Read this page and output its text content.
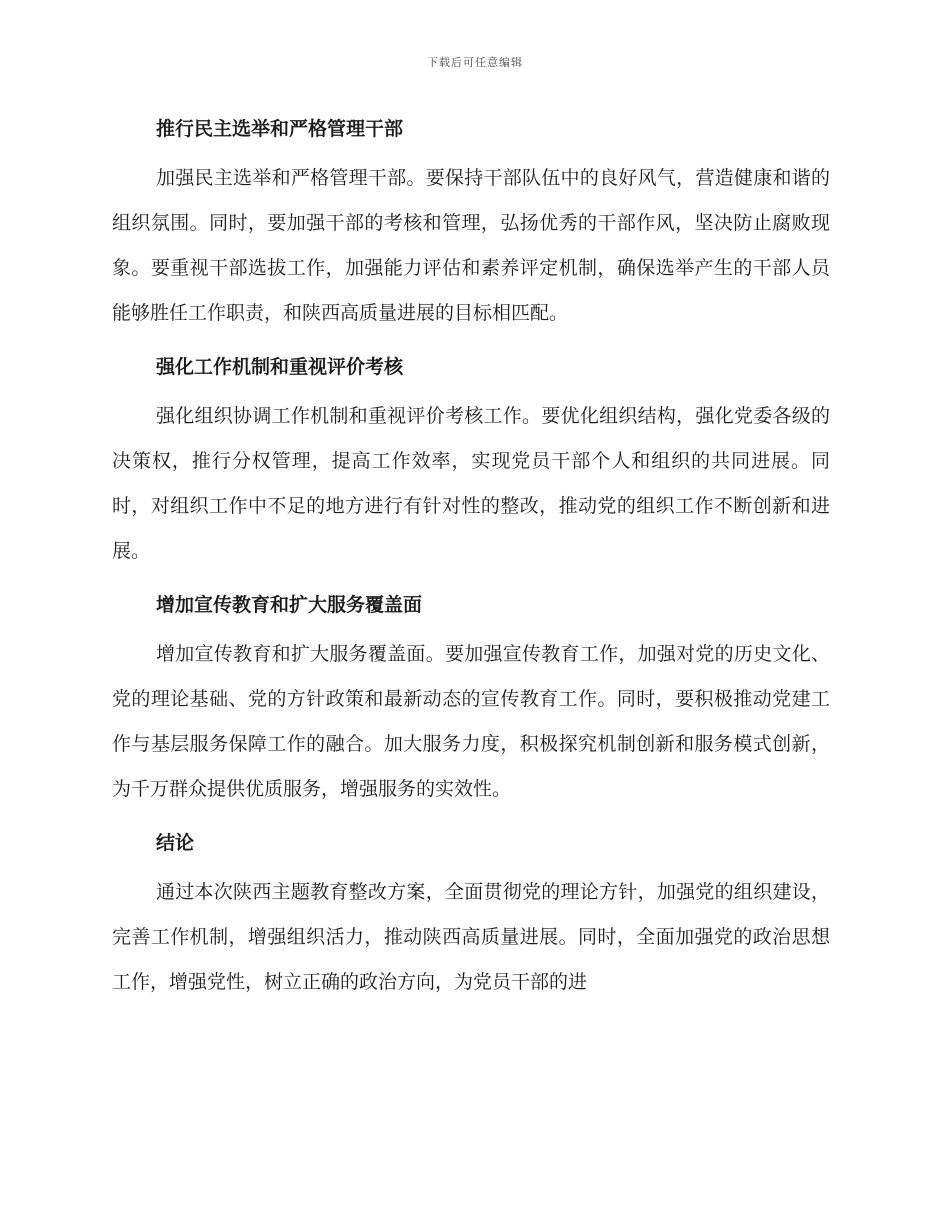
下载后可任意编辑
推行民主选举和严格管理干部

加强民主选举和严格管理干部。要保持干部队伍中的良好风气，营造健康和谐的组织氛围。同时，要加强干部的考核和管理，弘扬优秀的干部作风，坚决防止腐败现象。要重视干部选拔工作，加强能力评估和素养评定机制，确保选举产生的干部人员能够胜任工作职责，和陕西高质量进展的目标相匹配。

强化工作机制和重视评价考核

强化组织协调工作机制和重视评价考核工作。要优化组织结构，强化党委各级的决策权，推行分权管理，提高工作效率，实现党员干部个人和组织的共同进展。同时，对组织工作中不足的地方进行有针对性的整改，推动党的组织工作不断创新和进展。

增加宣传教育和扩大服务覆盖面

增加宣传教育和扩大服务覆盖面。要加强宣传教育工作，加强对党的历史文化、党的理论基础、党的方针政策和最新动态的宣传教育工作。同时，要积极推动党建工作与基层服务保障工作的融合。加大服务力度，积极探究机制创新和服务模式创新，为千万群众提供优质服务，增强服务的实效性。

结论

通过本次陕西主题教育整改方案，全面贯彻党的理论方针，加强党的组织建设，完善工作机制，增强组织活力，推动陕西高质量进展。同时，全面加强党的政治思想工作，增强党性，树立正确的政治方向，为党员干部的进
